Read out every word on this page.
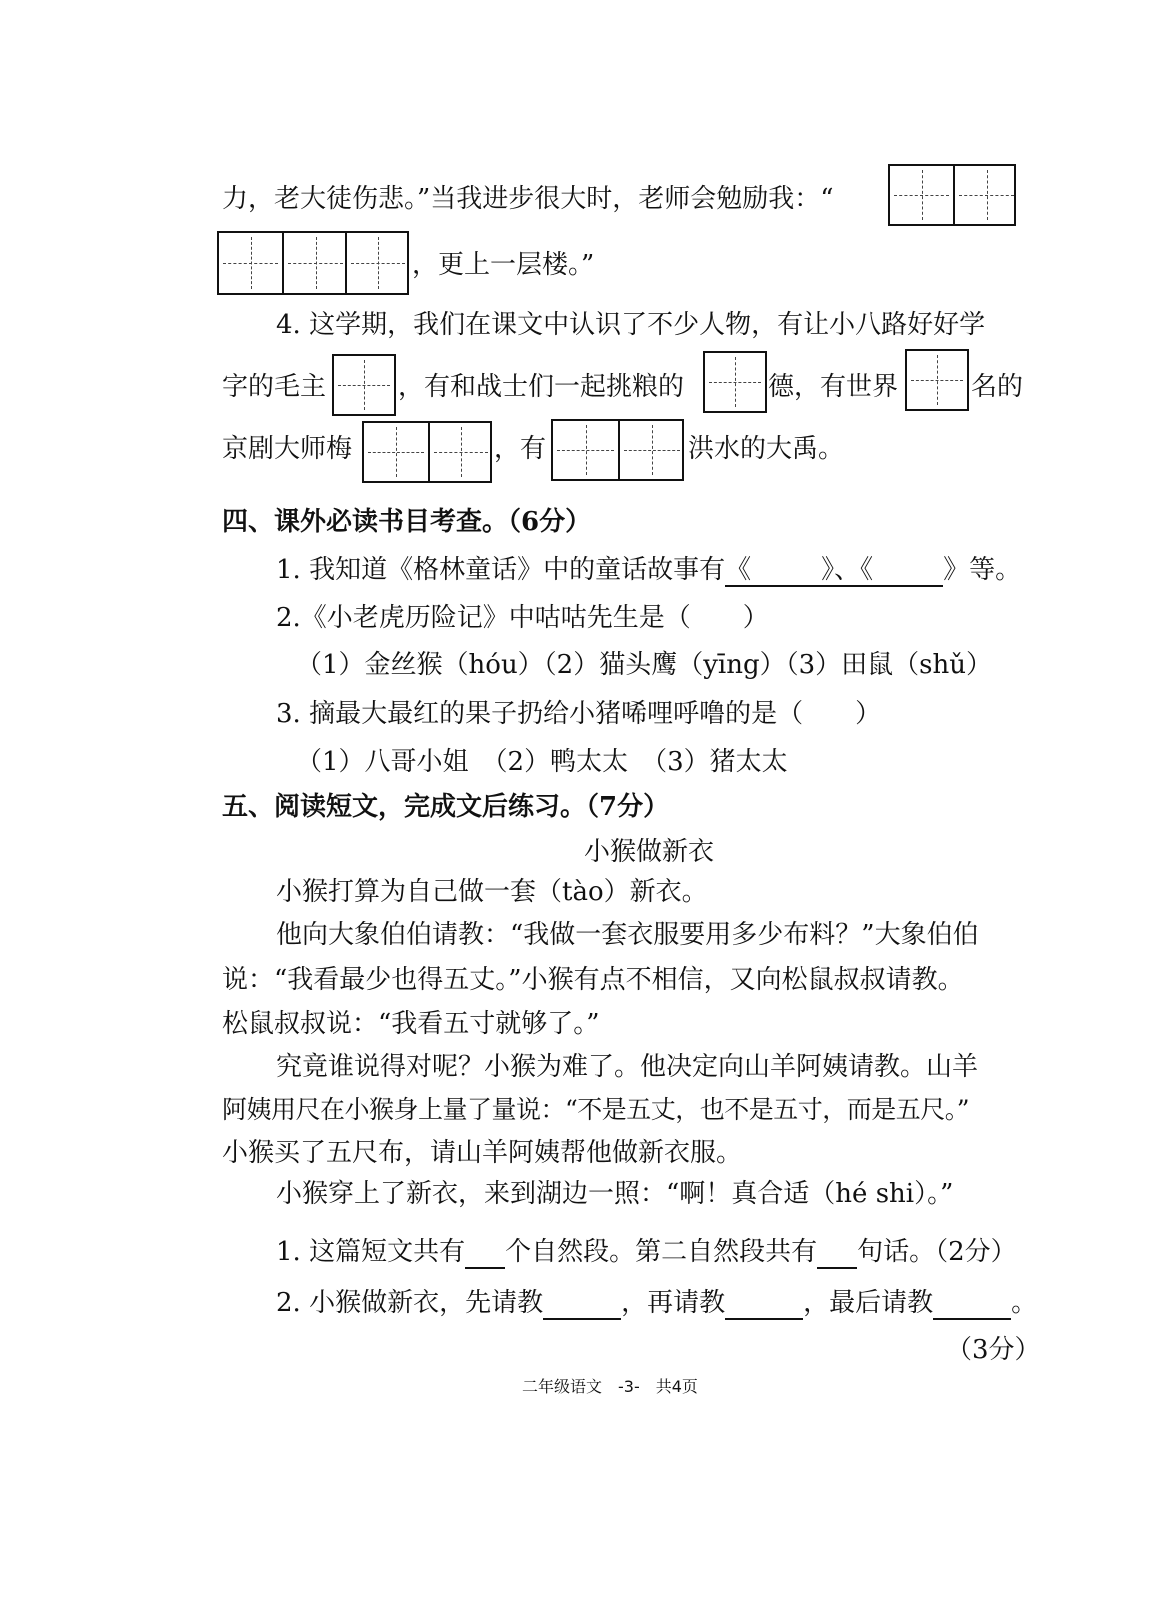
力，老大徒伤悲。”当我进步很大时，老师会勉励我：“
，更上一层楼。”
4. 这学期，我们在课文中认识了不少人物，有让小八路好好学
字的毛主	，有和战士们一起挑粮的	德，有世界	名的
京剧大师梅	，有	洪水的大禹。
四、课外必读书目考查。（6分）
1. 我知道《格林童话》中的童话故事有《	》、《	》等。
2.《小老虎历险记》中咕咕先生是（　　）
（1）金丝猴（hóu）（2）猫头鹰（yīng）（3）田鼠（shǔ）
3. 摘最大最红的果子扔给小猪唏哩呼噜的是（　　）
（1）八哥小姐　（2）鸭太太　（3）猪太太
五、阅读短文，完成文后练习。（7分）
小猴做新衣
小猴打算为自己做一套（tào）新衣。
他向大象伯伯请教：“我做一套衣服要用多少布料？”大象伯伯
说：“我看最少也得五丈。”小猴有点不相信，又向松鼠叔叔请教。
松鼠叔叔说：“我看五寸就够了。”
究竟谁说得对呢？小猴为难了。他决定向山羊阿姨请教。山羊
阿姨用尺在小猴身上量了量说：“不是五丈，也不是五寸，而是五尺。”
小猴买了五尺布，请山羊阿姨帮他做新衣服。
小猴穿上了新衣，来到湖边一照：“啊！真合适（hé shi）。”
1. 这篇短文共有 个自然段。第二自然段共有 句话。（2分）
2. 小猴做新衣，先请教	，再请教	，最后请教	。
（3分）
二年级语文　-3-　共4页
